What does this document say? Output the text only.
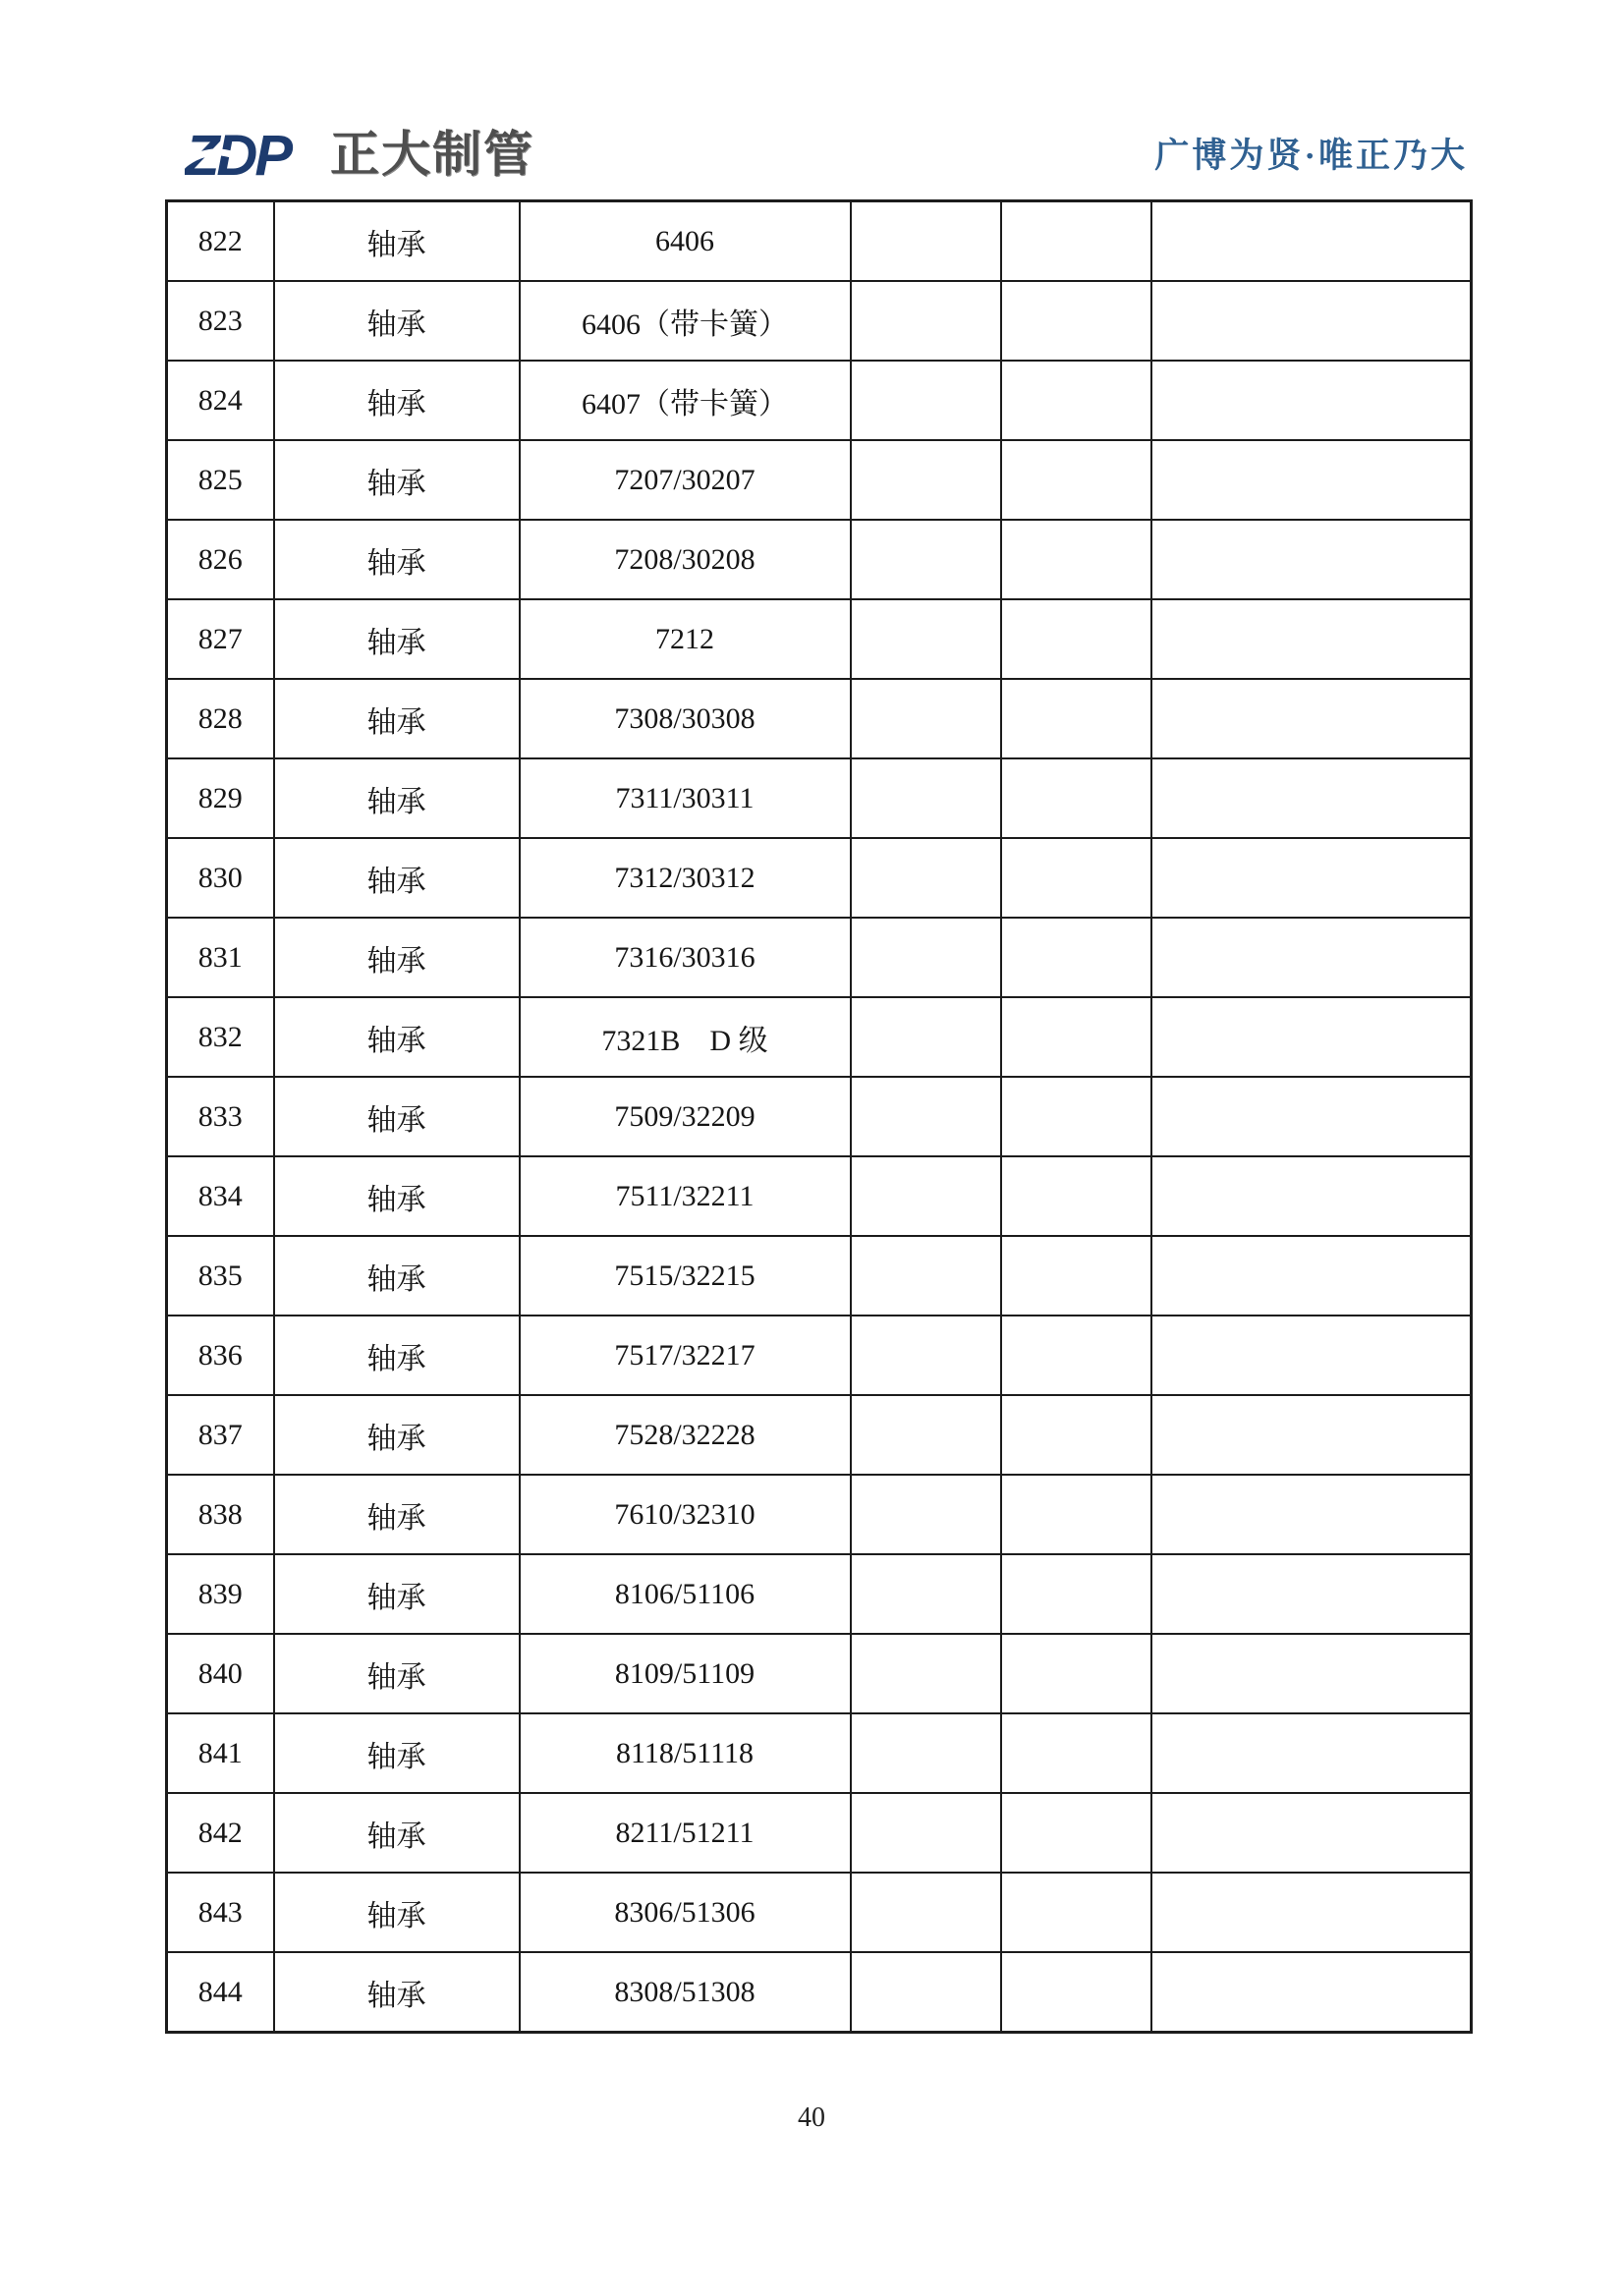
ZDP 正大制管	广博为贤·唯正乃大
822	轴承	6406			
823	轴承	6406（带卡簧）			
824	轴承	6407（带卡簧）			
825	轴承	7207/30207			
826	轴承	7208/30208			
827	轴承	7212			
828	轴承	7308/30308			
829	轴承	7311/30311			
830	轴承	7312/30312			
831	轴承	7316/30316			
832	轴承	7321B    D 级			
833	轴承	7509/32209			
834	轴承	7511/32211			
835	轴承	7515/32215			
836	轴承	7517/32217			
837	轴承	7528/32228			
838	轴承	7610/32310			
839	轴承	8106/51106			
840	轴承	8109/51109			
841	轴承	8118/51118			
842	轴承	8211/51211			
843	轴承	8306/51306			
844	轴承	8308/51308			
40
